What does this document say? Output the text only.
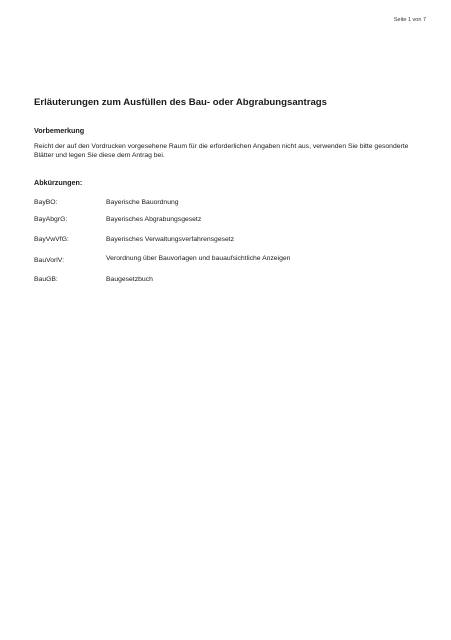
Seite 1 von 7
Erläuterungen zum Ausfüllen des Bau- oder Abgrabungsantrags
Vorbemerkung

Reicht der auf den Vordrucken vorgesehene Raum für die erforderlichen Angaben nicht aus, verwenden Sie bitte gesonderte Blätter und legen Sie diese dem Antrag bei.

Abkürzungen:
BayBO:	Bayerische Bauordnung
BayAbgrG:	Bayerisches Abgrabungsgesetz
BayVwVfG:	Bayerisches Verwaltungsverfahrensgesetz
BauVorlV:	Verordnung über Bauvorlagen und bauaufsichtliche Anzeigen
BauGB:	Baugesetzbuch
